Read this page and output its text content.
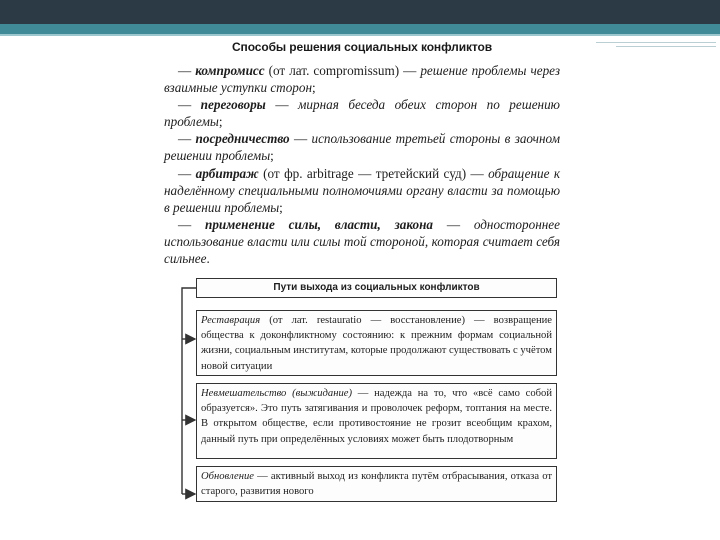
Способы решения социальных конфликтов

— компромисс (от лат. compromissum) — решение проблемы через взаимные уступки сторон;

— переговоры — мирная беседа обеих сторон по решению проблемы;

— посредничество — использование третьей стороны в заочном решении проблемы;

— арбитраж (от фр. arbitrage — третейский суд) — обращение к наделённому специальными полномочиями органу власти за помощью в решении проблемы;

— применение силы, власти, закона — одностороннее использование власти или силы той стороной, которая считает себя сильнее.

Пути выхода из социальных конфликтов
Реставрация (от лат. restauratio — восстановление) — возвращение общества к доконфликтному состоянию: к прежним формам социальной жизни, социальным институтам, которые продолжают существовать с учётом новой ситуации
Невмешательство (выжидание) — надежда на то, что «всё само собой образуется». Это путь затягивания и проволочек реформ, топтания на месте. В открытом обществе, если противостояние не грозит всеобщим крахом, данный путь при определённых условиях может быть плодотворным
Обновление — активный выход из конфликта путём отбрасывания, отказа от старого, развития нового
